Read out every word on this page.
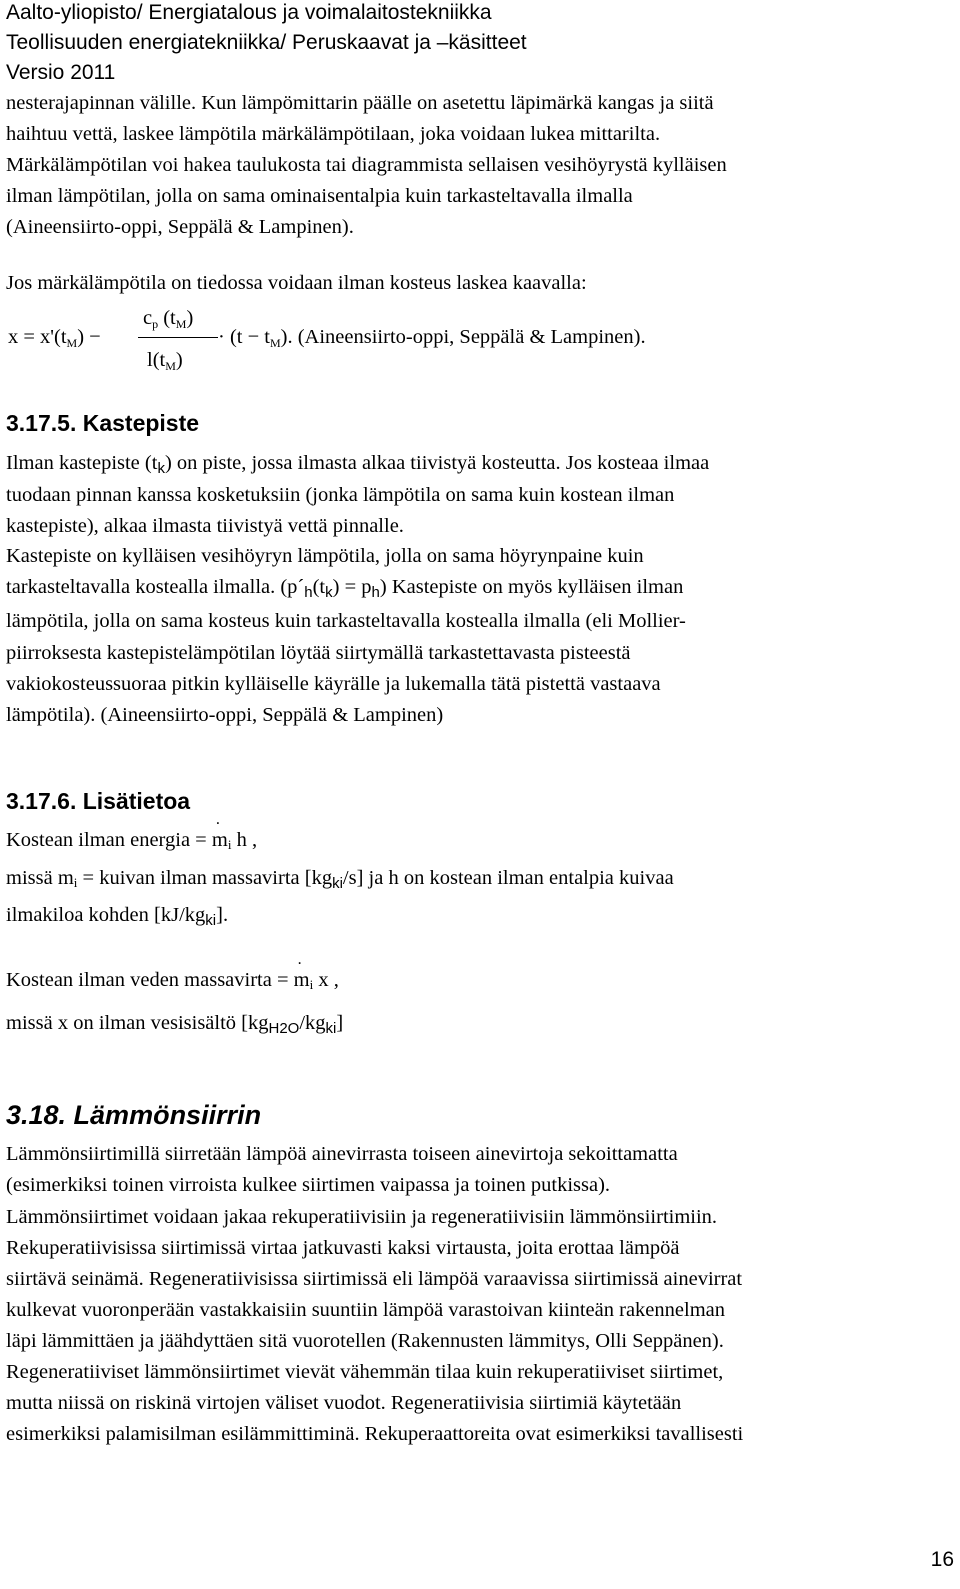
Aalto-yliopisto/ Energiatalous ja voimalaitostekniikka
Teollisuuden energiatekniikka/ Peruskaavat ja –käsitteet
Versio 2011
nesterajapinnan välille. Kun lämpömittarin päälle on asetettu läpimärkä kangas ja siitä
haihtuu vettä, laskee lämpötila märkälämpötilaan, joka voidaan lukea mittarilta.
Märkälämpötilan voi hakea taulukosta tai diagrammista sellaisen vesihöyrystä kylläisen
ilman lämpötilan, jolla on sama ominaisentalpia kuin tarkasteltavalla ilmalla
(Aineensiirto-oppi, Seppälä & Lampinen).
Jos märkälämpötila on tiedossa voidaan ilman kosteus laskea kaavalla:
cp (tM)
x = x'(tM) −
l(tM)
· (t − tM). (Aineensiirto-oppi, Seppälä & Lampinen).
3.17.5. Kastepiste
Ilman kastepiste $(t_k)$ on piste, jossa ilmasta alkaa tiivistyä kosteutta. Jos kosteaa ilmaa
tuodaan pinnan kanssa kosketuksiin (jonka lämpötila on sama kuin kostean ilman
kastepiste), alkaa ilmasta tiivistyä vettä pinnalle.
Kastepiste on kylläisen vesihöyryn lämpötila, jolla on sama höyrynpaine kuin
tarkasteltavalla kostealla ilmalla. $(p´_h(t_k) = p_h)$ Kastepiste on myös kylläisen ilman
lämpötila, jolla on sama kosteus kuin tarkasteltavalla kostealla ilmalla (eli Mollier-
piirroksesta kastepistelämpötilan löytää siirtymällä tarkastettavasta pisteestä
vakiokosteussuoraa pitkin kylläiselle käyrälle ja lukemalla tätä pistettä vastaava
lämpötila). (Aineensiirto-oppi, Seppälä & Lampinen)
3.17.6. Lisätietoa
Kostean ilman energia = ˙ mi h ,
missä mi = kuivan ilman massavirta $[kg_{ki}/s]$ ja h on kostean ilman entalpia kuivaa
ilmakiloa kohden $[kJ/kg_{ki}]$.
Kostean ilman veden massavirta = ˙ mi x ,
missä x on ilman vesisisältö $[kg_{H2O}/kg_{ki}]$
3.18. Lämmönsiirrin
Lämmönsiirtimillä siirretään lämpöä ainevirrasta toiseen ainevirtoja sekoittamatta
(esimerkiksi toinen virroista kulkee siirtimen vaipassa ja toinen putkissa).
Lämmönsiirtimet voidaan jakaa rekuperatiivisiin ja regeneratiivisiin lämmönsiirtimiin.
Rekuperatiivisissa siirtimissä virtaa jatkuvasti kaksi virtausta, joita erottaa lämpöä
siirtävä seinämä. Regeneratiivisissa siirtimissä eli lämpöä varaavissa siirtimissä ainevirrat
kulkevat vuoronperään vastakkaisiin suuntiin lämpöä varastoivan kiinteän rakennelman
läpi lämmittäen ja jäähdyttäen sitä vuorotellen (Rakennusten lämmitys, Olli Seppänen).
Regeneratiiviset lämmönsiirtimet vievät vähemmän tilaa kuin rekuperatiiviset siirtimet,
mutta niissä on riskinä virtojen väliset vuodot. Regeneratiivisia siirtimiä käytetään
esimerkiksi palamisilman esilämmittiminä. Rekuperaattoreita ovat esimerkiksi tavallisesti
16
